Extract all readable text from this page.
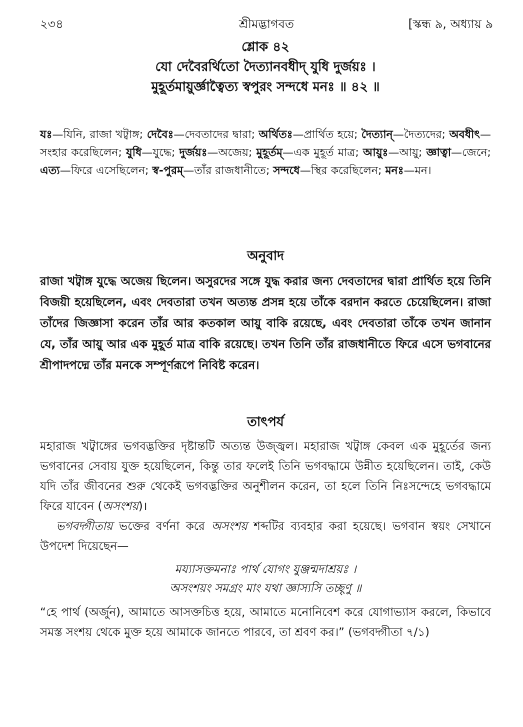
২৩৪	শ্রীমদ্ভাগবত	[স্কন্ধ ৯, অধ্যায় ৯
শ্লোক ৪২
যো দেবৈরর্থিতো দৈত্যানবধীদ্ যুধি দুর্জয়ঃ ।
মুহূর্তমায়ুর্জ্ঞাত্বৈত্য স্বপুরং সন্দধে মনঃ ॥ ৪২ ॥
যঃ—যিনি, রাজা খট্বাঙ্গ; দেবৈঃ—দেবতাদের দ্বারা; অর্থিতঃ—প্রার্থিত হয়ে; দৈত্যান্—দৈত্যদের; অবধীৎ—সংহার করেছিলেন; যুধি—যুদ্ধে; দুর্জয়ঃ—অজেয়; মুহূর্তম্—এক মুহূর্ত মাত্র; আয়ুঃ—আয়ু; জ্ঞাত্বা—জেনে; এত্য—ফিরে এসেছিলেন; স্ব-পুরম্—তাঁর রাজধানীতে; সন্দধে—স্থির করেছিলেন; মনঃ—মন।
অনুবাদ
রাজা খট্বাঙ্গ যুদ্ধে অজেয় ছিলেন। অসুরদের সঙ্গে যুদ্ধ করার জন্য দেবতাদের দ্বারা প্রার্থিত হয়ে তিনি বিজয়ী হয়েছিলেন, এবং দেবতারা তখন অত্যন্ত প্রসন্ন হয়ে তাঁকে বরদান করতে চেয়েছিলেন। রাজা তাঁদের জিজ্ঞাসা করেন তাঁর আর কতকাল আয়ু বাকি রয়েছে, এবং দেবতারা তাঁকে তখন জানান যে, তাঁর আয়ু আর এক মুহূর্ত মাত্র বাকি রয়েছে। তখন তিনি তাঁর রাজধানীতে ফিরে এসে ভগবানের শ্রীপাদপদ্মে তাঁর মনকে সম্পূর্ণরূপে নিবিষ্ট করেন।
তাৎপর্য

মহারাজ খট্বাঙ্গের ভগবদ্ভক্তির দৃষ্টান্তটি অত্যন্ত উজ্জ্বল। মহারাজ খট্বাঙ্গ কেবল এক মুহূর্তের জন্য ভগবানের সেবায় যুক্ত হয়েছিলেন, কিন্তু তার ফলেই তিনি ভগবদ্ধামে উন্নীত হয়েছিলেন। তাই, কেউ যদি তাঁর জীবনের শুরু থেকেই ভগবদ্ভক্তির অনুশীলন করেন, তা হলে তিনি নিঃসন্দেহে ভগবদ্ধামে ফিরে যাবেন (অসংশয়)।

ভগবদ্গীতায় ভক্তের বর্ণনা করে অসংশয় শব্দটির ব্যবহার করা হয়েছে। ভগবান স্বয়ং সেখানে উপদেশ দিয়েছেন—

ময্যাসক্তমনাঃ পার্থ যোগং যুঞ্জন্মদাশ্রয়ঃ ।
অসংশয়ং সমগ্রং মাং যথা জ্ঞাস্যসি তচ্ছৃণু ॥

“হে পার্থ (অর্জুন), আমাতে আসক্তচিত্ত হয়ে, আমাতে মনোনিবেশ করে যোগাভ্যাস করলে, কিভাবে সমস্ত সংশয় থেকে মুক্ত হয়ে আমাকে জানতে পারবে, তা শ্রবণ কর।” (ভগবদ্গীতা ৭/১)
